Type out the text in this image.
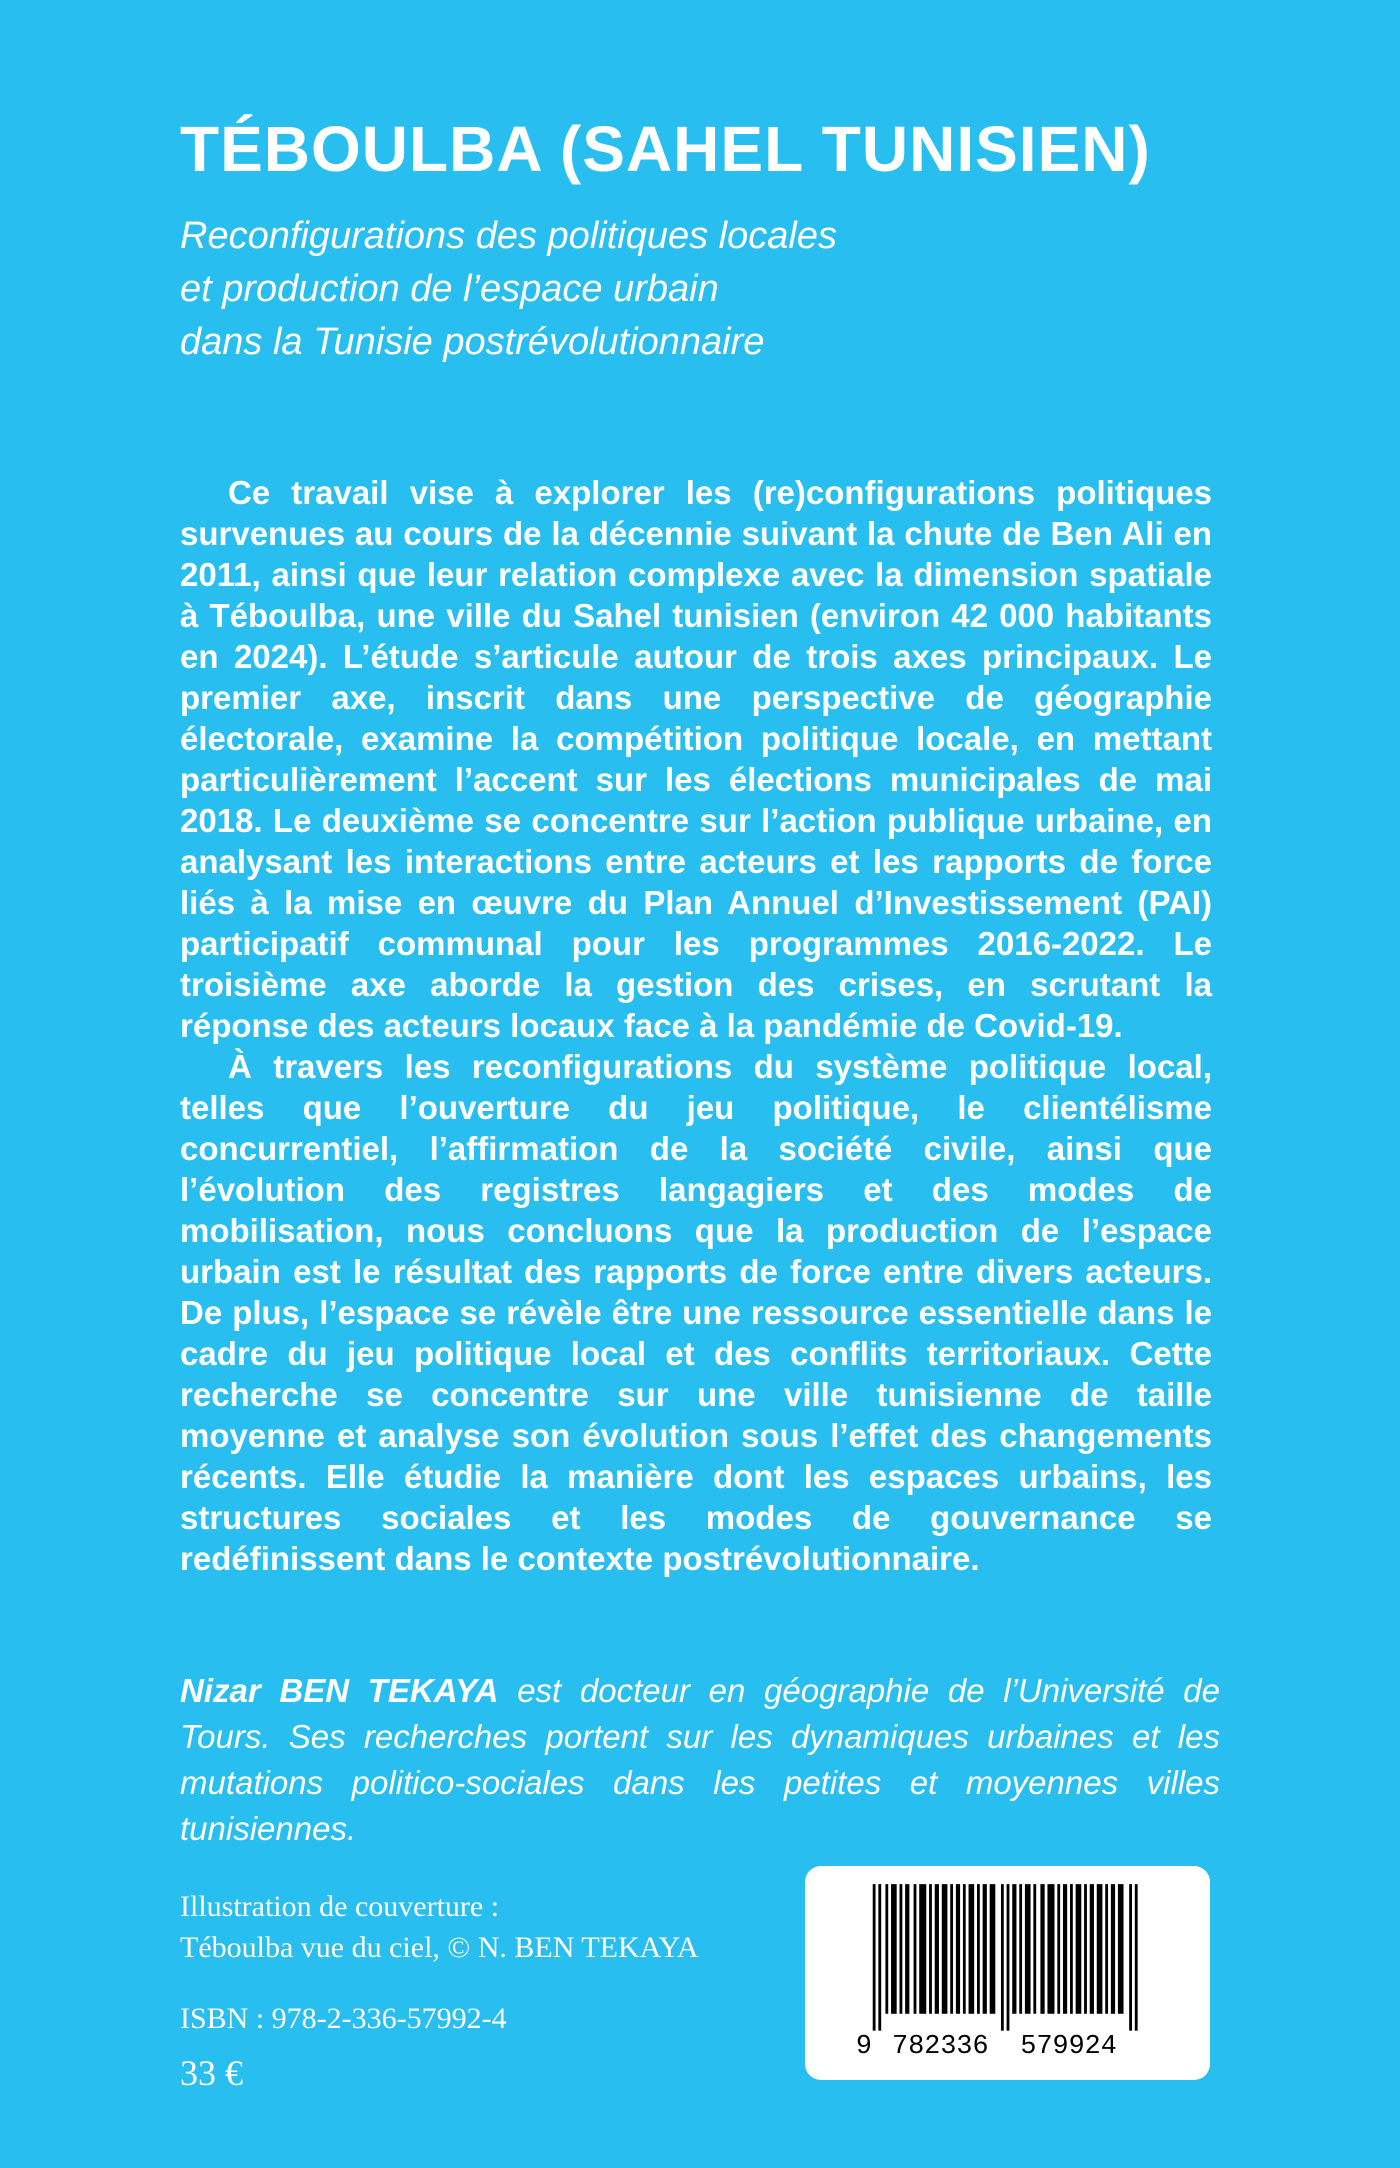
TÉBOULBA (SAHEL TUNISIEN)
Reconfigurations des politiques locales
et production de l’espace urbain
dans la Tunisie postrévolutionnaire

Ce travail vise à explorer les (re)configurations politiques survenues au cours de la décennie suivant la chute de Ben Ali en 2011, ainsi que leur relation complexe avec la dimension spatiale à Téboulba, une ville du Sahel tunisien (environ 42 000 habitants en 2024). L’étude s’articule autour de trois axes principaux. Le premier axe, inscrit dans une perspective de géographie électorale, examine la compétition politique locale, en mettant particulièrement l’accent sur les élections municipales de mai 2018. Le deuxième se concentre sur l’action publique urbaine, en analysant les interactions entre acteurs et les rapports de force liés à la mise en œuvre du Plan Annuel d’Investissement (PAI) participatif communal pour les programmes 2016-2022. Le troisième axe aborde la gestion des crises, en scrutant la réponse des acteurs locaux face à la pandémie de Covid-19.

À travers les reconfigurations du système politique local, telles que l’ouverture du jeu politique, le clientélisme concurrentiel, l’affirmation de la société civile, ainsi que l’évolution des registres langagiers et des modes de mobilisation, nous concluons que la production de l’espace urbain est le résultat des rapports de force entre divers acteurs. De plus, l’espace se révèle être une ressource essentielle dans le cadre du jeu politique local et des conflits territoriaux. Cette recherche se concentre sur une ville tunisienne de taille moyenne et analyse son évolution sous l’effet des changements récents. Elle étudie la manière dont les espaces urbains, les structures sociales et les modes de gouvernance se redéfinissent dans le contexte postrévolutionnaire.

Nizar BEN TEKAYA est docteur en géographie de l’Université de Tours. Ses recherches portent sur les dynamiques urbaines et les mutations politico-sociales dans les petites et moyennes villes tunisiennes.
Illustration de couverture :
Téboulba vue du ciel, © N. BEN TEKAYA
ISBN : 978-2-336-57992-4
33 €
9 782336 579924
